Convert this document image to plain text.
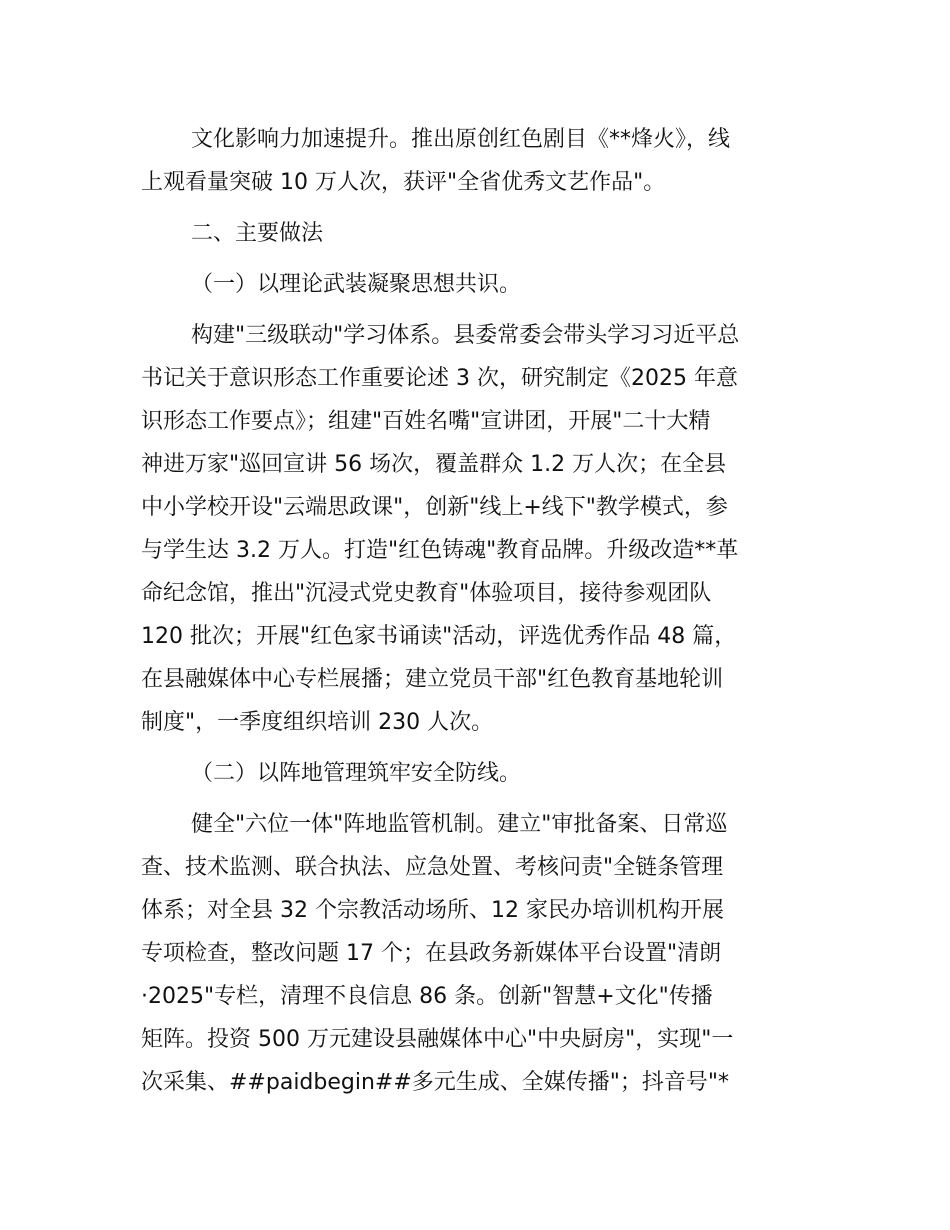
文化影响力加速提升。推出原创红色剧目《**烽火》，线
上观看量突破 10 万人次，获评"全省优秀文艺作品"。
二、主要做法
（一）以理论武装凝聚思想共识。
构建"三级联动"学习体系。县委常委会带头学习习近平总
书记关于意识形态工作重要论述 3 次，研究制定《2025 年意
识形态工作要点》；组建"百姓名嘴"宣讲团，开展"二十大精
神进万家"巡回宣讲 56 场次，覆盖群众 1.2 万人次；在全县
中小学校开设"云端思政课"，创新"线上+线下"教学模式，参
与学生达 3.2 万人。打造"红色铸魂"教育品牌。升级改造**革
命纪念馆，推出"沉浸式党史教育"体验项目，接待参观团队
120 批次；开展"红色家书诵读"活动，评选优秀作品 48 篇，
在县融媒体中心专栏展播；建立党员干部"红色教育基地轮训
制度"，一季度组织培训 230 人次。
（二）以阵地管理筑牢安全防线。
健全"六位一体"阵地监管机制。建立"审批备案、日常巡
查、技术监测、联合执法、应急处置、考核问责"全链条管理
体系；对全县 32 个宗教活动场所、12 家民办培训机构开展
专项检查，整改问题 17 个；在县政务新媒体平台设置"清朗
·2025"专栏，清理不良信息 86 条。创新"智慧+文化"传播
矩阵。投资 500 万元建设县融媒体中心"中央厨房"，实现"一
次采集、##paidbegin##多元生成、全媒传播"；抖音号"*
